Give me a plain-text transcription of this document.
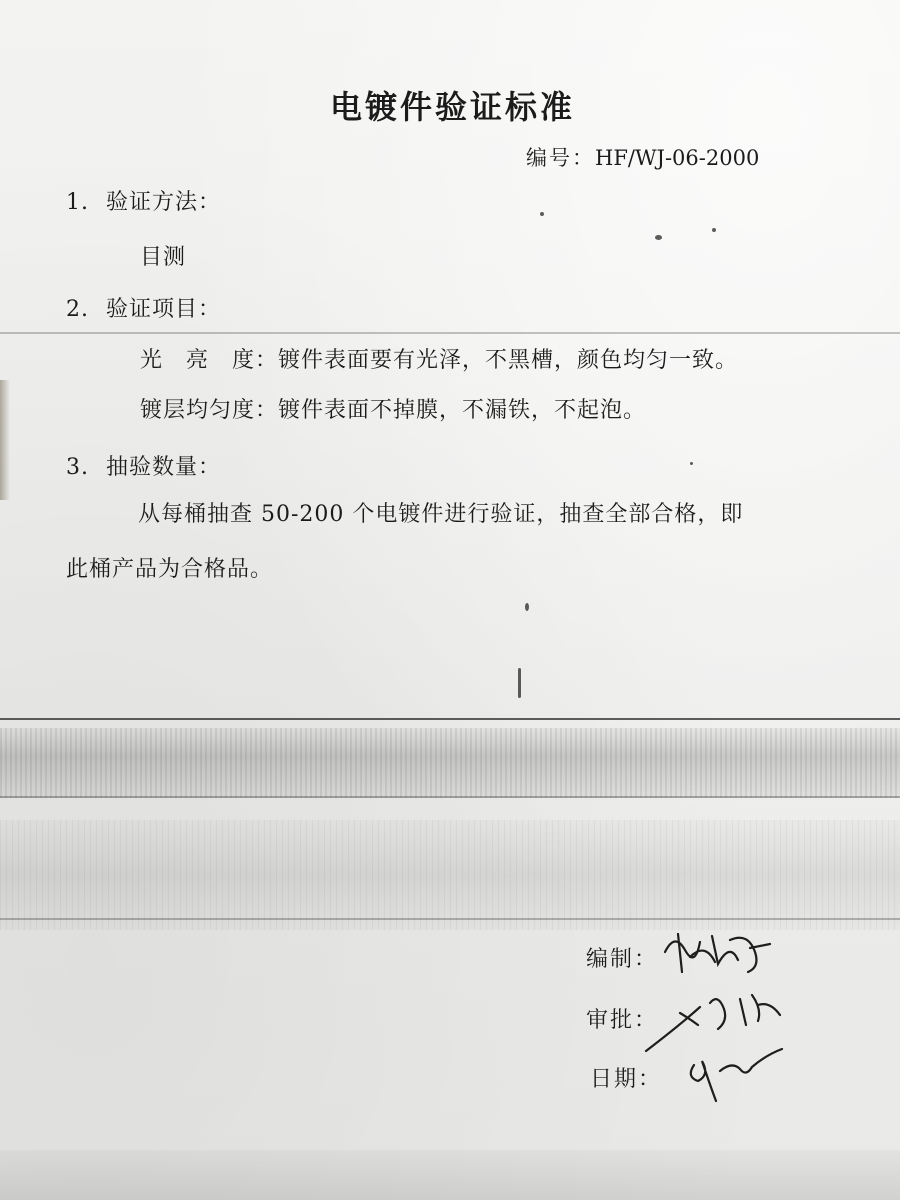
电镀件验证标准
编号：HF/WJ-06-2000
1. 验证方法：
目测
2. 验证项目：
光　亮　度：镀件表面要有光泽，不黑槽，颜色均匀一致。
镀层均匀度：镀件表面不掉膜，不漏铁，不起泡。
3. 抽验数量：
从每桶抽查 50-200 个电镀件进行验证，抽查全部合格，即
此桶产品为合格品。
编制：
审批：
日期：
